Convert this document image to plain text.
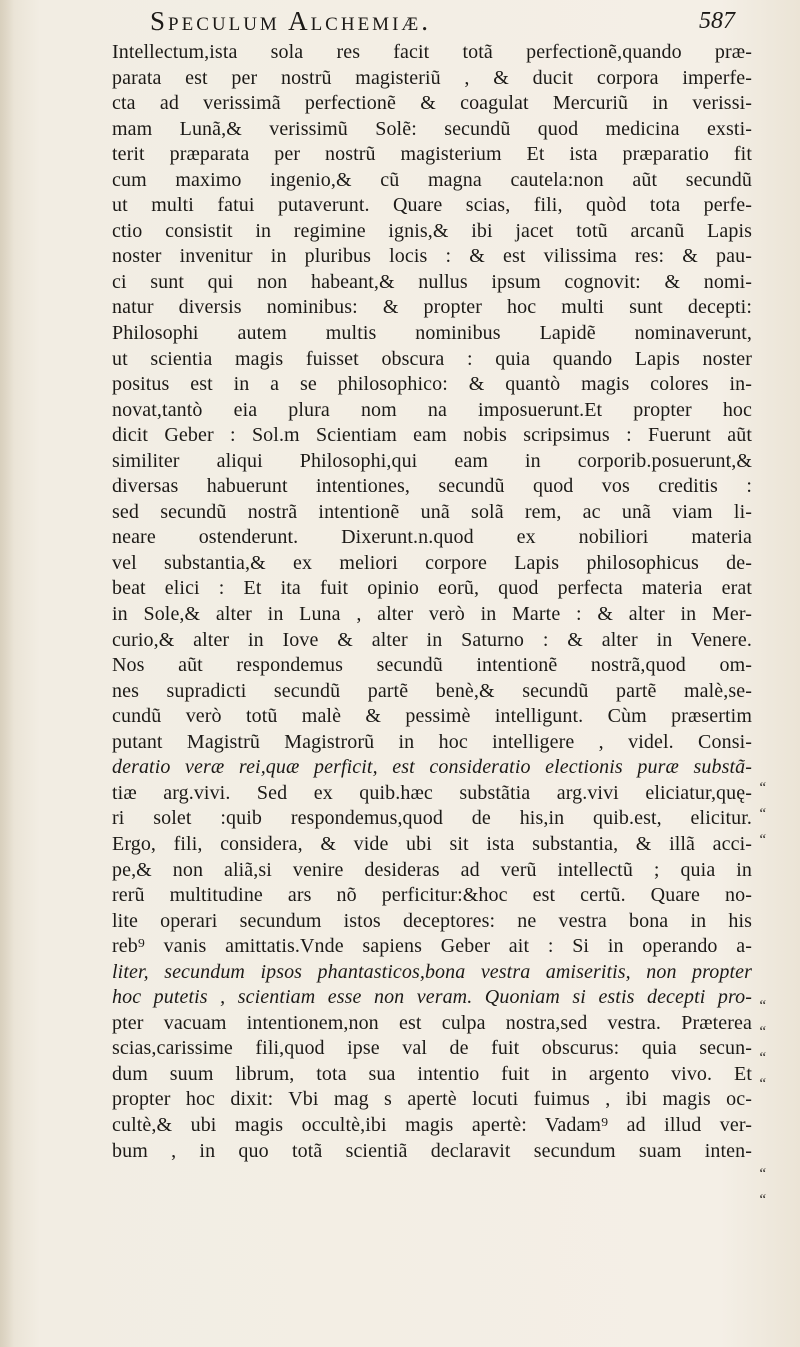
Speculum Alchemiæ.	587
Intellectum,ista sola res facit totã perfectionẽ,quando præ-
parata est per nostrũ magisteriũ , & ducit corpora imperfe-
cta ad verissimã perfectionẽ & coagulat Mercuriũ in verissi-
mam Lunã,& verissimũ Solẽ: secundũ quod medicina exsti-
terit præparata per nostrũ magisterium Et ista præparatio fit
cum maximo ingenio,& cũ magna cautela:non aũt secundũ
ut multi fatui putaverunt. Quare scias, fili, quòd tota perfe-
ctio consistit in regimine ignis,& ibi jacet totũ arcanũ Lapis
noster invenitur in pluribus locis : & est vilissima res: & pau-
ci sunt qui non habeant,& nullus ipsum cognovit: & nomi-
natur diversis nominibus: & propter hoc multi sunt decepti:
Philosophi autem multis nominibus Lapidẽ nominaverunt,
ut scientia magis fuisset obscura : quia quando Lapis noster
positus est in a se philosophico: & quantò magis colores in-
novat,tantò eia plura nom na imposuerunt.Et propter hoc
dicit Geber : Sol.m Scientiam eam nobis scripsimus : Fuerunt aũt
similiter aliqui Philosophi,qui eam in corporib.posuerunt,&
diversas habuerunt intentiones, secundũ quod vos creditis :
sed secundũ nostrã intentionẽ unã solã rem, ac unã viam li-
neare ostenderunt. Dixerunt.n.quod ex nobiliori materia
vel substantia,& ex meliori corpore Lapis philosophicus de-
beat elici : Et ita fuit opinio eorũ, quod perfecta materia erat
in Sole,& alter in Luna , alter verò in Marte : & alter in Mer-
curio,& alter in Iove & alter in Saturno : & alter in Venere.
Nos aũt respondemus secundũ intentionẽ nostrã,quod om-
nes supradicti secundũ partẽ benè,& secundũ partẽ malè,se-
cundũ verò totũ malè & pessimè intelligunt. Cùm præsertim
putant Magistrũ Magistrorũ in hoc intelligere , videl. Consi-
deratio veræ rei,quæ perficit, est consideratio electionis puræ substã-
tiæ arg.vivi. Sed ex quib.hæc substãtia arg.vivi eliciatur,quę-
ri solet :quib respondemus,quod de his,in quib.est, elicitur.
Ergo, fili, considera, & vide ubi sit ista substantia, & illã acci-
pe,& non aliã,si venire desideras ad verũ intellectũ ; quia in
rerũ multitudine ars nõ perficitur:&hoc est certũ. Quare no-
lite operari secundum istos deceptores: ne vestra bona in his
reb⁹ vanis amittatis.Vnde sapiens Geber ait : Si in operando a-
liter, secundum ipsos phantasticos,bona vestra amiseritis, non propter
hoc putetis , scientiam esse non veram. Quoniam si estis decepti pro-
pter vacuam intentionem,non est culpa nostra,sed vestra. Præterea
scias,carissime fili,quod ipse val de fuit obscurus: quia secun-
dum suum librum, tota sua intentio fuit in argento vivo. Et
propter hoc dixit: Vbi mag s apertè locuti fuimus , ibi magis oc-
cultè,& ubi magis occultè,ibi magis apertè: Vadam⁹ ad illud ver-
bum , in quo totã scientiã declaravit secundum suam inten-
“
“
“
“
“
“
“
“
“
